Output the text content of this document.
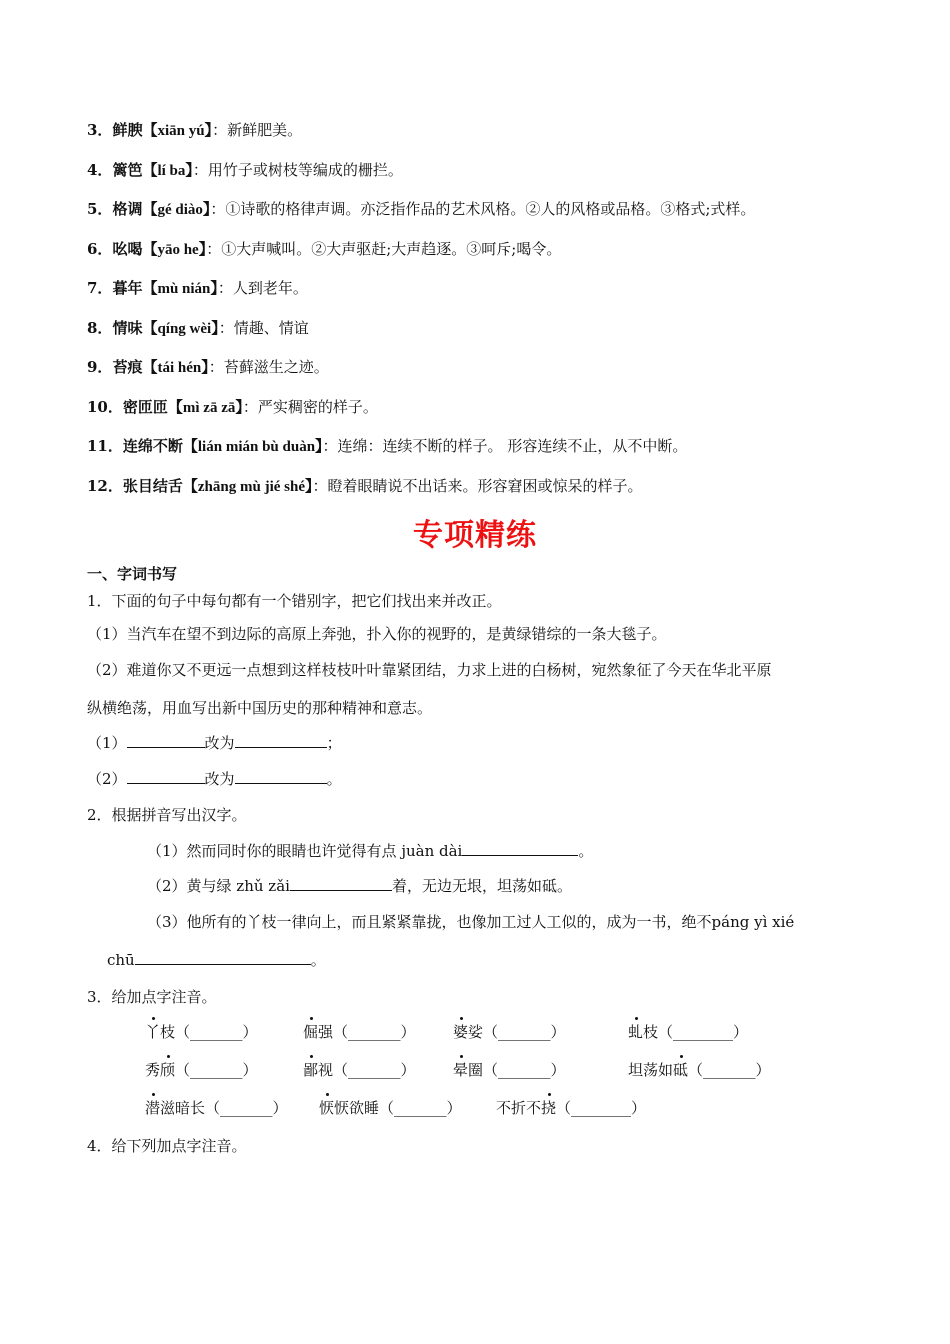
3．鲜腴【xiān yú】：新鲜肥美。
4．篱笆【lí ba】：用竹子或树枝等编成的栅拦。
5．格调【gé diào】：①诗歌的格律声调。亦泛指作品的艺术风格。②人的风格或品格。③格式;式样。
6．吆喝【yāo he】：①大声喊叫。②大声驱赶;大声趋逐。③呵斥;喝令。
7．暮年【mù nián】：人到老年。
8．情味【qíng wèi】：情趣、情谊
9．苔痕【tái hén】：苔藓滋生之迹。
10．密匝匝【mì zā zā】：严实稠密的样子。
11．连绵不断【lián mián bù duàn】：连绵：连续不断的样子。 形容连续不止，从不中断。
12．张目结舌【zhāng mù jié shé】：瞪着眼睛说不出话来。形容窘困或惊呆的样子。
专项精练
一、字词书写
1．下面的句子中每句都有一个错别字，把它们找出来并改正。
（1）当汽车在望不到边际的高原上奔弛，扑入你的视野的，是黄绿错综的一条大毯子。
（2）难道你又不更远一点想到这样枝枝叶叶靠紧团结，力求上进的白杨树，宛然象征了今天在华北平原
纵横绝荡，用血写出新中国历史的那种精神和意志。
（1）	改为	；
（2）	改为	。
2．根据拼音写出汉字。
（1）然而同时你的眼睛也许觉得有点 juàn dài	。
（2）黄与绿 zhǔ zǎi	着，无边无垠，坦荡如砥。
（3）他所有的丫枝一律向上，而且紧紧靠拢，也像加工过人工似的，成为一书，绝不páng yì xié
chū	。
3．给加点字注音。
丫枝（_______）	倔强（_______） 婆娑（_______）	虬枝（________）
秀颀（_______）	鄙视（_______） 晕圈（_______）	坦荡如砥（_______）
潜滋暗长（_______） 恹恹欲睡（_______） 不折不挠（________）
4．给下列加点字注音。
